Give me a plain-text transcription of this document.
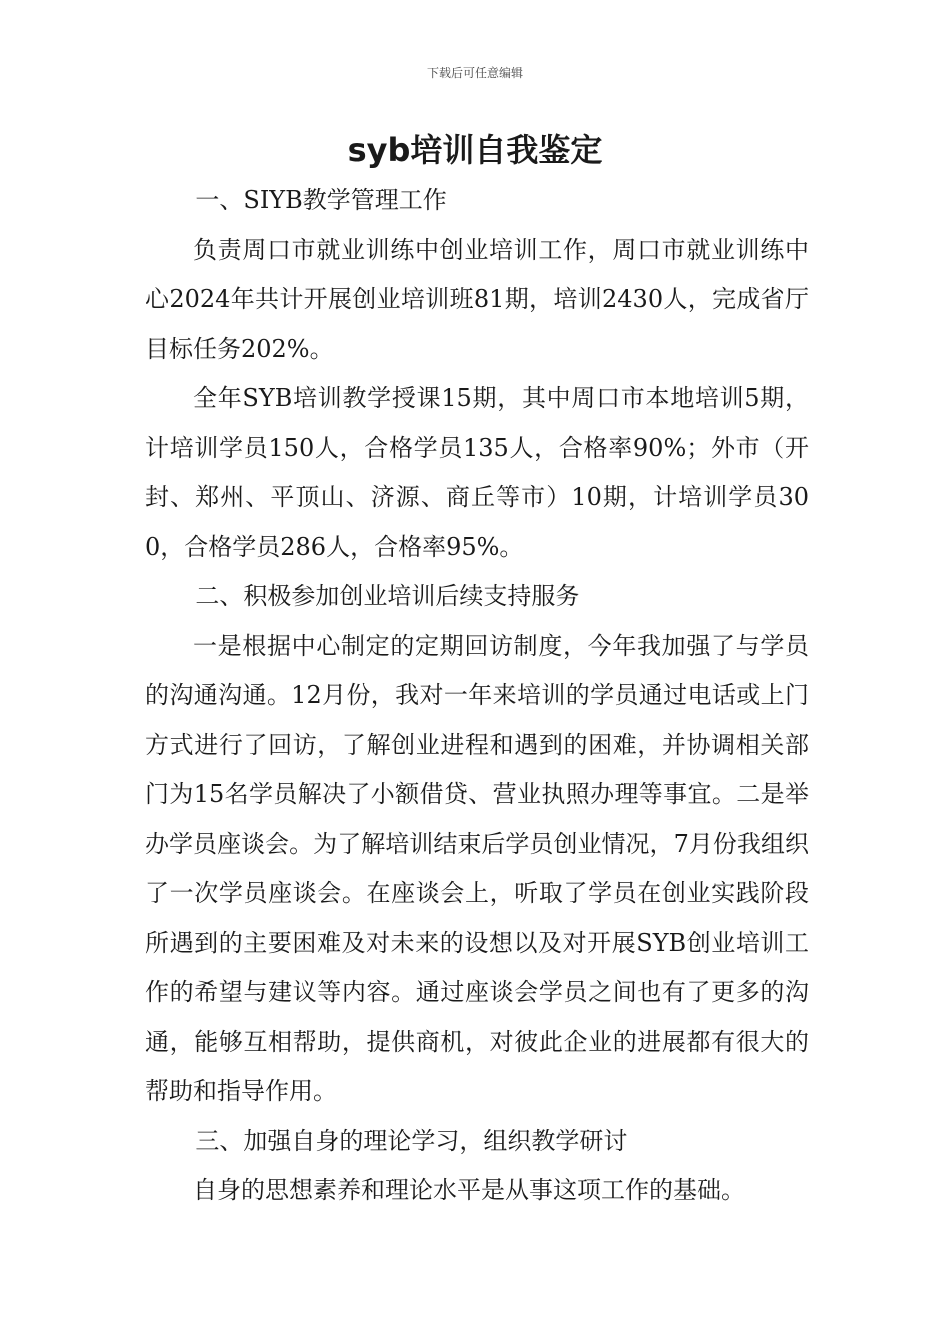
下载后可任意编辑
syb培训自我鉴定

一、SIYB教学管理工作

负责周口市就业训练中创业培训工作，周口市就业训练中心2024年共计开展创业培训班81期，培训2430人，完成省厅目标任务202%。

全年SYB培训教学授课15期，其中周口市本地培训5期，计培训学员150人，合格学员135人，合格率90%；外市（开封、郑州、平顶山、济源、商丘等市）10期，计培训学员300，合格学员286人，合格率95%。

二、积极参加创业培训后续支持服务

一是根据中心制定的定期回访制度，今年我加强了与学员的沟通沟通。12月份，我对一年来培训的学员通过电话或上门方式进行了回访，了解创业进程和遇到的困难，并协调相关部门为15名学员解决了小额借贷、营业执照办理等事宜。二是举办学员座谈会。为了解培训结束后学员创业情况，7月份我组织了一次学员座谈会。在座谈会上，听取了学员在创业实践阶段所遇到的主要困难及对未来的设想以及对开展SYB创业培训工作的希望与建议等内容。通过座谈会学员之间也有了更多的沟通，能够互相帮助，提供商机，对彼此企业的进展都有很大的帮助和指导作用。

三、加强自身的理论学习，组织教学研讨

自身的思想素养和理论水平是从事这项工作的基础。
